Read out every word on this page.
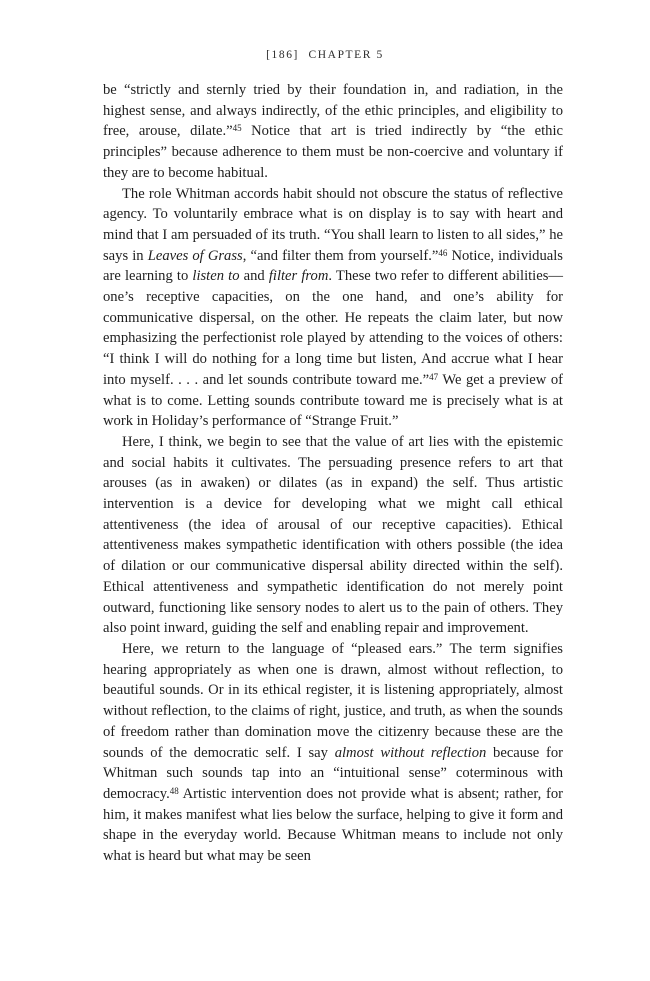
[186] CHAPTER 5

be “strictly and sternly tried by their foundation in, and radiation, in the highest sense, and always indirectly, of the ethic principles, and eligibility to free, arouse, dilate.”$^{45}$ Notice that art is tried indirectly by “the ethic principles” because adherence to them must be non-coercive and voluntary if they are to become habitual.

The role Whitman accords habit should not obscure the status of reflective agency. To voluntarily embrace what is on display is to say with heart and mind that I am persuaded of its truth. “You shall learn to listen to all sides,” he says in Leaves of Grass, “and filter them from yourself.”$^{46}$ Notice, individuals are learning to listen to and filter from. These two refer to different abilities—one’s receptive capacities, on the one hand, and one’s ability for communicative dispersal, on the other. He repeats the claim later, but now emphasizing the perfectionist role played by attending to the voices of others: “I think I will do nothing for a long time but listen, And accrue what I hear into myself. . . . and let sounds contribute toward me.”$^{47}$ We get a preview of what is to come. Letting sounds contribute toward me is precisely what is at work in Holiday’s performance of “Strange Fruit.”

Here, I think, we begin to see that the value of art lies with the epistemic and social habits it cultivates. The persuading presence refers to art that arouses (as in awaken) or dilates (as in expand) the self. Thus artistic intervention is a device for developing what we might call ethical attentiveness (the idea of arousal of our receptive capacities). Ethical attentiveness makes sympathetic identification with others possible (the idea of dilation or our communicative dispersal ability directed within the self). Ethical attentiveness and sympathetic identification do not merely point outward, functioning like sensory nodes to alert us to the pain of others. They also point inward, guiding the self and enabling repair and improvement.

Here, we return to the language of “pleased ears.” The term signifies hearing appropriately as when one is drawn, almost without reflection, to beautiful sounds. Or in its ethical register, it is listening appropriately, almost without reflection, to the claims of right, justice, and truth, as when the sounds of freedom rather than domination move the citizenry because these are the sounds of the democratic self. I say almost without reflection because for Whitman such sounds tap into an “intuitional sense” coterminous with democracy.$^{48}$ Artistic intervention does not provide what is absent; rather, for him, it makes manifest what lies below the surface, helping to give it form and shape in the everyday world. Because Whitman means to include not only what is heard but what may be seen
